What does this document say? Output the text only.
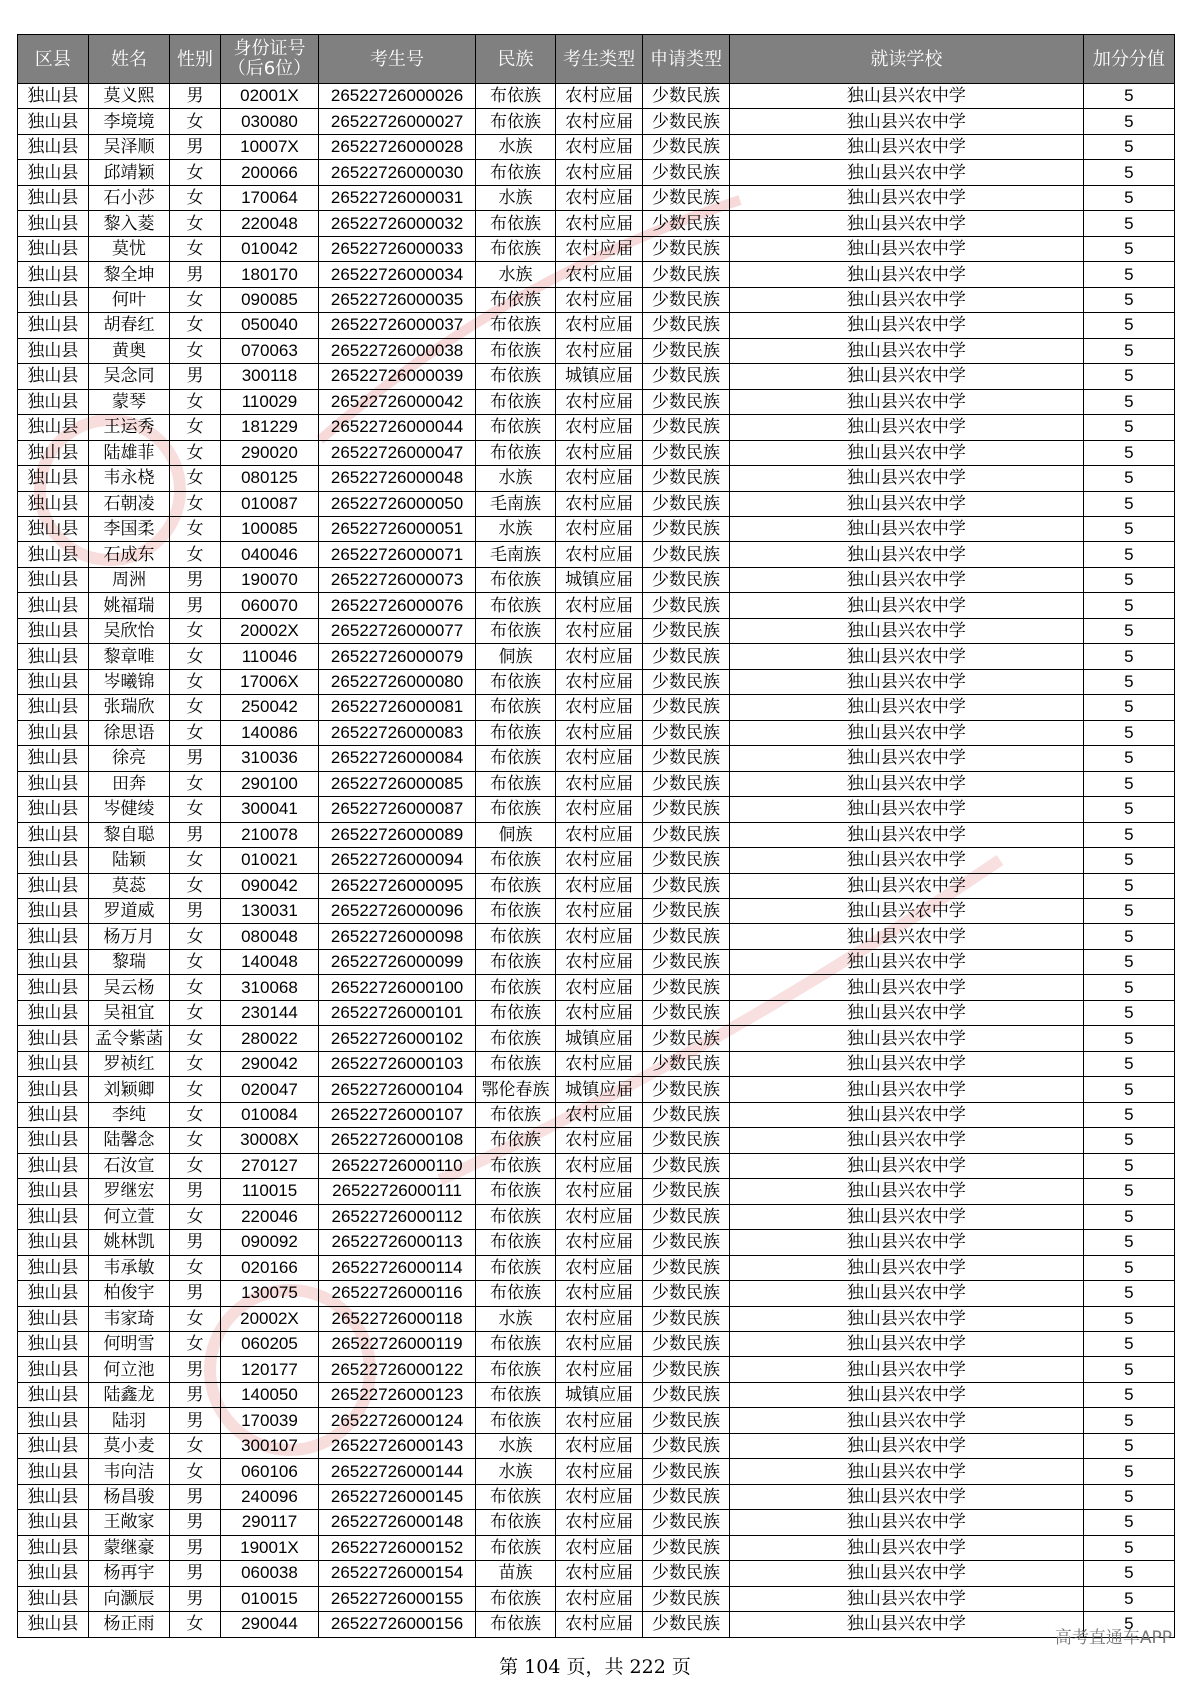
区县	姓名	性别	身份证号（后6位）	考生号	民族	考生类型	申请类型	就读学校	加分分值
独山县	莫义熙	男	02001X	26522726000026	布依族	农村应届	少数民族	独山县兴农中学	5
独山县	李境境	女	030080	26522726000027	布依族	农村应届	少数民族	独山县兴农中学	5
独山县	吴泽顺	男	10007X	26522726000028	水族	农村应届	少数民族	独山县兴农中学	5
独山县	邱靖颖	女	200066	26522726000030	布依族	农村应届	少数民族	独山县兴农中学	5
独山县	石小莎	女	170064	26522726000031	水族	农村应届	少数民族	独山县兴农中学	5
独山县	黎入菱	女	220048	26522726000032	布依族	农村应届	少数民族	独山县兴农中学	5
独山县	莫忧	女	010042	26522726000033	布依族	农村应届	少数民族	独山县兴农中学	5
独山县	黎全坤	男	180170	26522726000034	水族	农村应届	少数民族	独山县兴农中学	5
独山县	何叶	女	090085	26522726000035	布依族	农村应届	少数民族	独山县兴农中学	5
独山县	胡春红	女	050040	26522726000037	布依族	农村应届	少数民族	独山县兴农中学	5
独山县	黄奥	女	070063	26522726000038	布依族	农村应届	少数民族	独山县兴农中学	5
独山县	吴念同	男	300118	26522726000039	布依族	城镇应届	少数民族	独山县兴农中学	5
独山县	蒙琴	女	110029	26522726000042	布依族	农村应届	少数民族	独山县兴农中学	5
独山县	王运秀	女	181229	26522726000044	布依族	农村应届	少数民族	独山县兴农中学	5
独山县	陆雄菲	女	290020	26522726000047	布依族	农村应届	少数民族	独山县兴农中学	5
独山县	韦永桡	女	080125	26522726000048	水族	农村应届	少数民族	独山县兴农中学	5
独山县	石朝凌	女	010087	26522726000050	毛南族	农村应届	少数民族	独山县兴农中学	5
独山县	李国柔	女	100085	26522726000051	水族	农村应届	少数民族	独山县兴农中学	5
独山县	石成东	女	040046	26522726000071	毛南族	农村应届	少数民族	独山县兴农中学	5
独山县	周洲	男	190070	26522726000073	布依族	城镇应届	少数民族	独山县兴农中学	5
独山县	姚福瑞	男	060070	26522726000076	布依族	农村应届	少数民族	独山县兴农中学	5
独山县	吴欣怡	女	20002X	26522726000077	布依族	农村应届	少数民族	独山县兴农中学	5
独山县	黎章唯	女	110046	26522726000079	侗族	农村应届	少数民族	独山县兴农中学	5
独山县	岑曦锦	女	17006X	26522726000080	布依族	农村应届	少数民族	独山县兴农中学	5
独山县	张瑞欣	女	250042	26522726000081	布依族	农村应届	少数民族	独山县兴农中学	5
独山县	徐思语	女	140086	26522726000083	布依族	农村应届	少数民族	独山县兴农中学	5
独山县	徐亮	男	310036	26522726000084	布依族	农村应届	少数民族	独山县兴农中学	5
独山县	田奔	女	290100	26522726000085	布依族	农村应届	少数民族	独山县兴农中学	5
独山县	岑健绫	女	300041	26522726000087	布依族	农村应届	少数民族	独山县兴农中学	5
独山县	黎自聪	男	210078	26522726000089	侗族	农村应届	少数民族	独山县兴农中学	5
独山县	陆颖	女	010021	26522726000094	布依族	农村应届	少数民族	独山县兴农中学	5
独山县	莫蕊	女	090042	26522726000095	布依族	农村应届	少数民族	独山县兴农中学	5
独山县	罗道威	男	130031	26522726000096	布依族	农村应届	少数民族	独山县兴农中学	5
独山县	杨万月	女	080048	26522726000098	布依族	农村应届	少数民族	独山县兴农中学	5
独山县	黎瑞	女	140048	26522726000099	布依族	农村应届	少数民族	独山县兴农中学	5
独山县	吴云杨	女	310068	26522726000100	布依族	农村应届	少数民族	独山县兴农中学	5
独山县	吴祖宜	女	230144	26522726000101	布依族	农村应届	少数民族	独山县兴农中学	5
独山县	孟令紫菡	女	280022	26522726000102	布依族	城镇应届	少数民族	独山县兴农中学	5
独山县	罗祯红	女	290042	26522726000103	布依族	农村应届	少数民族	独山县兴农中学	5
独山县	刘颖卿	女	020047	26522726000104	鄂伦春族	城镇应届	少数民族	独山县兴农中学	5
独山县	李纯	女	010084	26522726000107	布依族	农村应届	少数民族	独山县兴农中学	5
独山县	陆馨念	女	30008X	26522726000108	布依族	农村应届	少数民族	独山县兴农中学	5
独山县	石汝宣	女	270127	26522726000110	布依族	农村应届	少数民族	独山县兴农中学	5
独山县	罗继宏	男	110015	26522726000111	布依族	农村应届	少数民族	独山县兴农中学	5
独山县	何立萱	女	220046	26522726000112	布依族	农村应届	少数民族	独山县兴农中学	5
独山县	姚林凯	男	090092	26522726000113	布依族	农村应届	少数民族	独山县兴农中学	5
独山县	韦承敏	女	020166	26522726000114	布依族	农村应届	少数民族	独山县兴农中学	5
独山县	柏俊宇	男	130075	26522726000116	布依族	农村应届	少数民族	独山县兴农中学	5
独山县	韦家琦	女	20002X	26522726000118	水族	农村应届	少数民族	独山县兴农中学	5
独山县	何明雪	女	060205	26522726000119	布依族	农村应届	少数民族	独山县兴农中学	5
独山县	何立池	男	120177	26522726000122	布依族	农村应届	少数民族	独山县兴农中学	5
独山县	陆鑫龙	男	140050	26522726000123	布依族	城镇应届	少数民族	独山县兴农中学	5
独山县	陆羽	男	170039	26522726000124	布依族	农村应届	少数民族	独山县兴农中学	5
独山县	莫小麦	女	300107	26522726000143	水族	农村应届	少数民族	独山县兴农中学	5
独山县	韦向洁	女	060106	26522726000144	水族	农村应届	少数民族	独山县兴农中学	5
独山县	杨昌骏	男	240096	26522726000145	布依族	农村应届	少数民族	独山县兴农中学	5
独山县	王敞家	男	290117	26522726000148	布依族	农村应届	少数民族	独山县兴农中学	5
独山县	蒙继豪	男	19001X	26522726000152	布依族	农村应届	少数民族	独山县兴农中学	5
独山县	杨再宇	男	060038	26522726000154	苗族	农村应届	少数民族	独山县兴农中学	5
独山县	向灏辰	男	010015	26522726000155	布依族	农村应届	少数民族	独山县兴农中学	5
独山县	杨正雨	女	290044	26522726000156	布依族	农村应届	少数民族	独山县兴农中学	5
高考直通车APP
第 104 页，共 222 页
